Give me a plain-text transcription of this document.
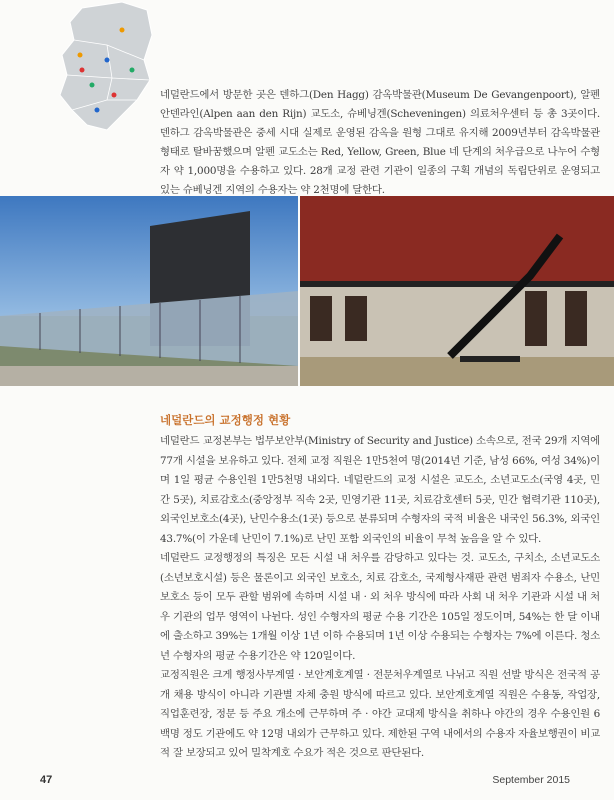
네덜란드에서 방문한 곳은 덴하그(Den Hagg) 감옥박물관(Museum De Gevangenpoort), 알펜안덴라인(Alpen aan den Rijn) 교도소, 슈베닝겐(Scheveningen) 의료처우센터 등 총 3곳이다. 덴하그 감옥박물관은 중세 시대 실제로 운영된 감옥을 원형 그대로 유지해 2009년부터 감옥박물관 형태로 탈바꿈했으며 알펜 교도소는 Red, Yellow, Green, Blue 네 단계의 처우급으로 나누어 수형자 약 1,000명을 수용하고 있다. 28개 교정 관련 기관이 일종의 구획 개념의 독립단위로 운영되고 있는 슈베닝겐 지역의 수용자는 약 2천명에 달한다.

네덜란드의 교정행정 현황

네덜란드 교정본부는 법무보안부(Ministry of Security and Justice) 소속으로, 전국 29개 지역에 77개 시설을 보유하고 있다. 전체 교정 직원은 1만5천여 명(2014년 기준, 남성 66%, 여성 34%)이며 1일 평균 수용인원 1만5천명 내외다. 네덜란드의 교정 시설은 교도소, 소년교도소(국영 4곳, 민간 5곳), 치료감호소(중앙정부 직속 2곳, 민영기관 11곳, 치료감호센터 5곳, 민간 협력기관 110곳), 외국인보호소(4곳), 난민수용소(1곳) 등으로 분류되며 수형자의 국적 비율은 내국인 56.3%, 외국인 43.7%(이 가운데 난민이 7.1%)로 난민 포함 외국인의 비율이 무척 높음을 알 수 있다.

네덜란드 교정행정의 특징은 모든 시설 내 처우를 감당하고 있다는 것. 교도소, 구치소, 소년교도소(소년보호시설) 등은 물론이고 외국인 보호소, 치료 감호소, 국제형사재판 관련 범죄자 수용소, 난민 보호소 등이 모두 관할 범위에 속하며 시설 내 · 외 처우 방식에 따라 사회 내 처우 기관과 시설 내 처우 기관의 업무 영역이 나뉜다. 성인 수형자의 평균 수용 기간은 105일 정도이며, 54%는 한 달 이내에 출소하고 39%는 1개월 이상 1년 이하 수용되며 1년 이상 수용되는 수형자는 7%에 이른다. 청소년 수형자의 평균 수용기간은 약 120일이다.

교정직원은 크게 행정사무계열 · 보안계호계열 · 전문처우계열로 나뉘고 직원 선발 방식은 전국적 공개 채용 방식이 아니라 기관별 자체 충원 방식에 따르고 있다. 보안계호계열 직원은 수용동, 작업장, 직업훈련장, 정문 등 주요 개소에 근무하며 주 · 야간 교대제 방식을 취하나 야간의 경우 수용인원 6백명 정도 기관에도 약 12명 내외가 근무하고 있다. 제한된 구역 내에서의 수용자 자율보행권이 비교적 잘 보장되고 있어 밀착계호 수요가 적은 것으로 판단된다.

47	September 2015
